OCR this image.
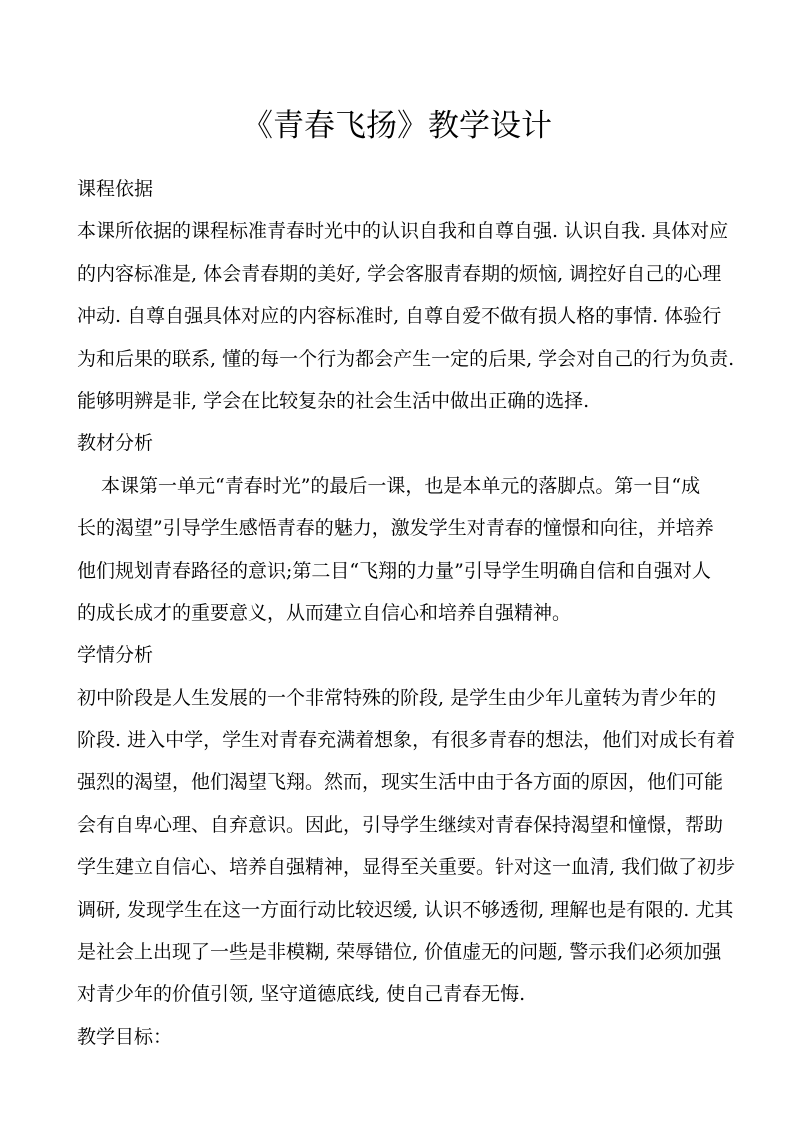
《青春飞扬》教学设计

课程依据

本课所依据的课程标准青春时光中的认识自我和自尊自强. 认识自我. 具体对应

的内容标准是, 体会青春期的美好, 学会客服青春期的烦恼, 调控好自己的心理

冲动. 自尊自强具体对应的内容标准时, 自尊自爱不做有损人格的事情. 体验行

为和后果的联系, 懂的每一个行为都会产生一定的后果, 学会对自己的行为负责.

能够明辨是非, 学会在比较复杂的社会生活中做出正确的选择.

教材分析

本课第一单元“青春时光”的最后一课，也是本单元的落脚点。第一目“成

长的渴望”引导学生感悟青春的魅力，激发学生对青春的憧憬和向往，并培养

他们规划青春路径的意识;第二目“飞翔的力量”引导学生明确自信和自强对人

的成长成才的重要意义，从而建立自信心和培养自强精神。

学情分析

初中阶段是人生发展的一个非常特殊的阶段, 是学生由少年儿童转为青少年的

阶段. 进入中学，学生对青春充满着想象，有很多青春的想法，他们对成长有着

强烈的渴望，他们渴望飞翔。然而，现实生活中由于各方面的原因，他们可能

会有自卑心理、自弃意识。因此，引导学生继续对青春保持渴望和憧憬，帮助

学生建立自信心、培养自强精神，显得至关重要。针对这一血清, 我们做了初步

调研, 发现学生在这一方面行动比较迟缓, 认识不够透彻, 理解也是有限的. 尤其

是社会上出现了一些是非模糊, 荣辱错位, 价值虚无的问题, 警示我们必须加强

对青少年的价值引领, 坚守道德底线, 使自己青春无悔.

教学目标：
